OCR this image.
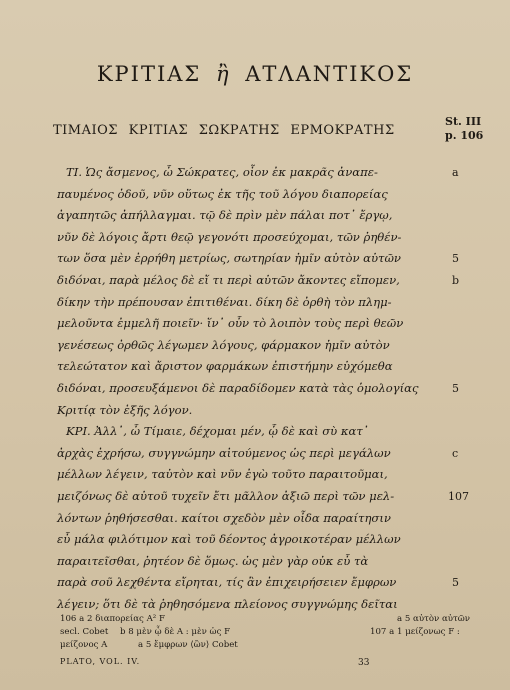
ΚΡΙΤΙΑΣ ἢ ΑΤΛΑΝΤΙΚΟΣ
ΤΙΜΑΙΟΣ ΚΡΙΤΙΑΣ ΣΩΚΡΑΤΗΣ ΕΡΜΟΚΡΑΤΗΣ
St. III
p. 106
ΤΙ. Ὡς ἄσμενος, ὦ Σώκρατες, οἷον ἐκ μακρᾶς ἀναπε-
παυμένος ὁδοῦ, νῦν οὕτως ἐκ τῆς τοῦ λόγου διαπορείας
ἀγαπητῶς ἀπήλλαγμαι. τῷ δὲ πρὶν μὲν πάλαι ποτ᾽ ἔργῳ,
νῦν δὲ λόγοις ἄρτι θεῷ γεγονότι προσεύχομαι, τῶν ῥηθέν-
των ὅσα μὲν ἐρρήθη μετρίως, σωτηρίαν ἡμῖν αὐτὸν αὐτῶν
διδόναι, παρὰ μέλος δὲ εἴ τι περὶ αὐτῶν ἄκοντες εἴπομεν,
δίκην τὴν πρέπουσαν ἐπιτιθέναι. δίκη δὲ ὀρθὴ τὸν πλημ-
μελοῦντα ἐμμελῆ ποιεῖν· ἵν᾽ οὖν τὸ λοιπὸν τοὺς περὶ θεῶν
γενέσεως ὀρθῶς λέγωμεν λόγους, φάρμακον ἡμῖν αὐτὸν
τελεώτατον καὶ ἄριστον φαρμάκων ἐπιστήμην εὐχόμεθα
διδόναι, προσευξάμενοι δὲ παραδίδομεν κατὰ τὰς ὁμολογίας
Κριτίᾳ τὸν ἑξῆς λόγον.
ΚΡΙ. Ἀλλ᾽, ὦ Τίμαιε, δέχομαι μέν, ᾧ δὲ καὶ σὺ κατ᾽
ἀρχὰς ἐχρήσω, συγγνώμην αἰτούμενος ὡς περὶ μεγάλων
μέλλων λέγειν, ταὐτὸν καὶ νῦν ἐγὼ τοῦτο παραιτοῦμαι,
μειζόνως δὲ αὐτοῦ τυχεῖν ἔτι μᾶλλον ἀξιῶ περὶ τῶν μελ-
λόντων ῥηθήσεσθαι. καίτοι σχεδὸν μὲν οἶδα παραίτησιν
εὖ μάλα φιλότιμον καὶ τοῦ δέοντος ἀγροικοτέραν μέλλων
παραιτεῖσθαι, ῥητέον δὲ ὅμως. ὡς μὲν γὰρ οὐκ εὖ τὰ
παρὰ σοῦ λεχθέντα εἴρηται, τίς ἂν ἐπιχειρήσειεν ἔμφρων
λέγειν; ὅτι δὲ τὰ ῥηθησόμενα πλείονος συγγνώμης δεῖται
a
5
b
5
c
107
5
106 a 2 διαπορείας A² F	a 5 αὐτὸν αὐτῶν
secl. Cobet b 8 μὲν ᾧ δὲ A : μὲν ὡς F	107 a 1 μείζονως F :
μείζονος A	a 5 ἔμφρων ⟨ὢν⟩ Cobet
PLATO, VOL. IV.	33
